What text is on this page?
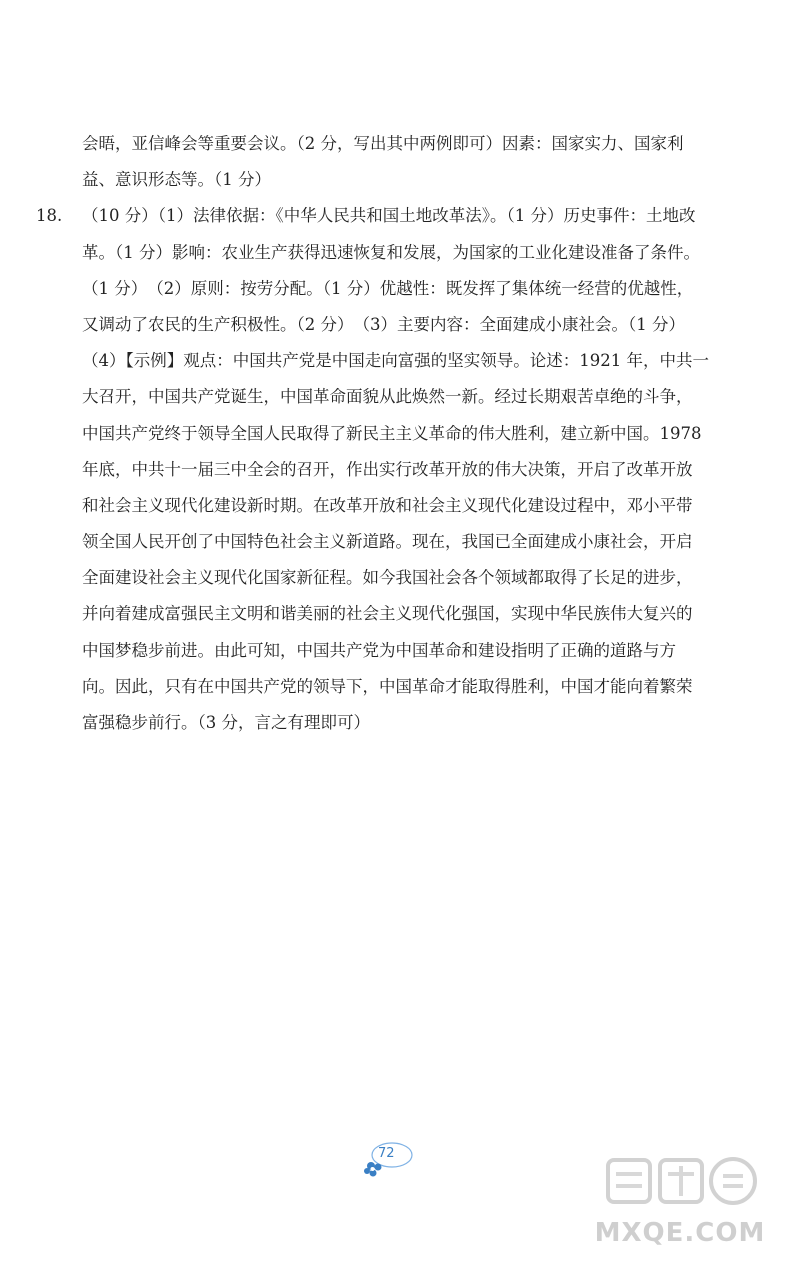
会晤，亚信峰会等重要会议。（2 分，写出其中两例即可）因素：国家实力、国家利
益、意识形态等。（1 分）
18. （10 分）（1）法律依据：《中华人民共和国土地改革法》。（1 分）历史事件：土地改
革。（1 分）影响：农业生产获得迅速恢复和发展，为国家的工业化建设准备了条件。
（1 分）　（2）原则：按劳分配。（1 分）优越性：既发挥了集体统一经营的优越性，
又调动了农民的生产积极性。（2 分）　（3）主要内容：全面建成小康社会。（1 分）
（4）【示例】观点：中国共产党是中国走向富强的坚实领导。论述：1921 年，中共一
大召开，中国共产党诞生，中国革命面貌从此焕然一新。经过长期艰苦卓绝的斗争，
中国共产党终于领导全国人民取得了新民主主义革命的伟大胜利，建立新中国。1978
年底，中共十一届三中全会的召开，作出实行改革开放的伟大决策，开启了改革开放
和社会主义现代化建设新时期。在改革开放和社会主义现代化建设过程中，邓小平带
领全国人民开创了中国特色社会主义新道路。现在，我国已全面建成小康社会，开启
全面建设社会主义现代化国家新征程。如今我国社会各个领域都取得了长足的进步，
并向着建成富强民主文明和谐美丽的社会主义现代化强国，实现中华民族伟大复兴的
中国梦稳步前进。由此可知，中国共产党为中国革命和建设指明了正确的道路与方
向。因此，只有在中国共产党的领导下，中国革命才能取得胜利，中国才能向着繁荣
富强稳步前行。（3 分，言之有理即可）
72
MXQE.COM
